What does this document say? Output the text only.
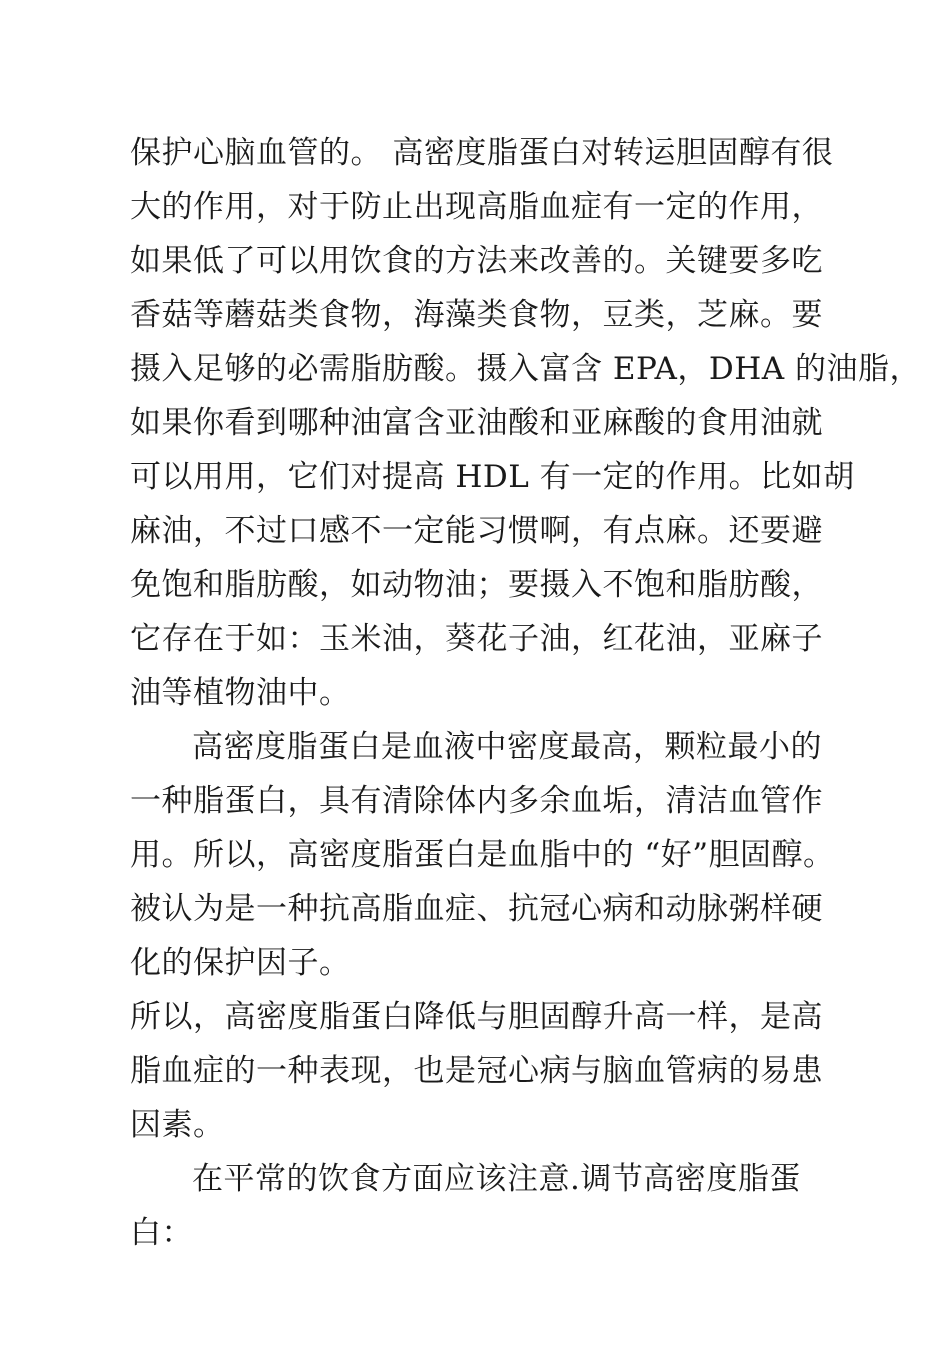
保护心脑血管的。 高密度脂蛋白对转运胆固醇有很
大的作用，对于防止出现高脂血症有一定的作用，
如果低了可以用饮食的方法来改善的。关键要多吃
香菇等蘑菇类食物，海藻类食物，豆类，芝麻。要
摄入足够的必需脂肪酸。摄入富含 EPA，DHA 的油脂，
如果你看到哪种油富含亚油酸和亚麻酸的食用油就
可以用用，它们对提高 HDL 有一定的作用。比如胡
麻油，不过口感不一定能习惯啊，有点麻。还要避
免饱和脂肪酸，如动物油；要摄入不饱和脂肪酸，
它存在于如：玉米油，葵花子油，红花油，亚麻子
油等植物油中。
高密度脂蛋白是血液中密度最高，颗粒最小的
一种脂蛋白，具有清除体内多余血垢，清洁血管作
用。所以，高密度脂蛋白是血脂中的 “好”胆固醇。
被认为是一种抗高脂血症、抗冠心病和动脉粥样硬
化的保护因子。
所以，高密度脂蛋白降低与胆固醇升高一样，是高
脂血症的一种表现，也是冠心病与脑血管病的易患
因素。
在平常的饮食方面应该注意.调节高密度脂蛋
白：
